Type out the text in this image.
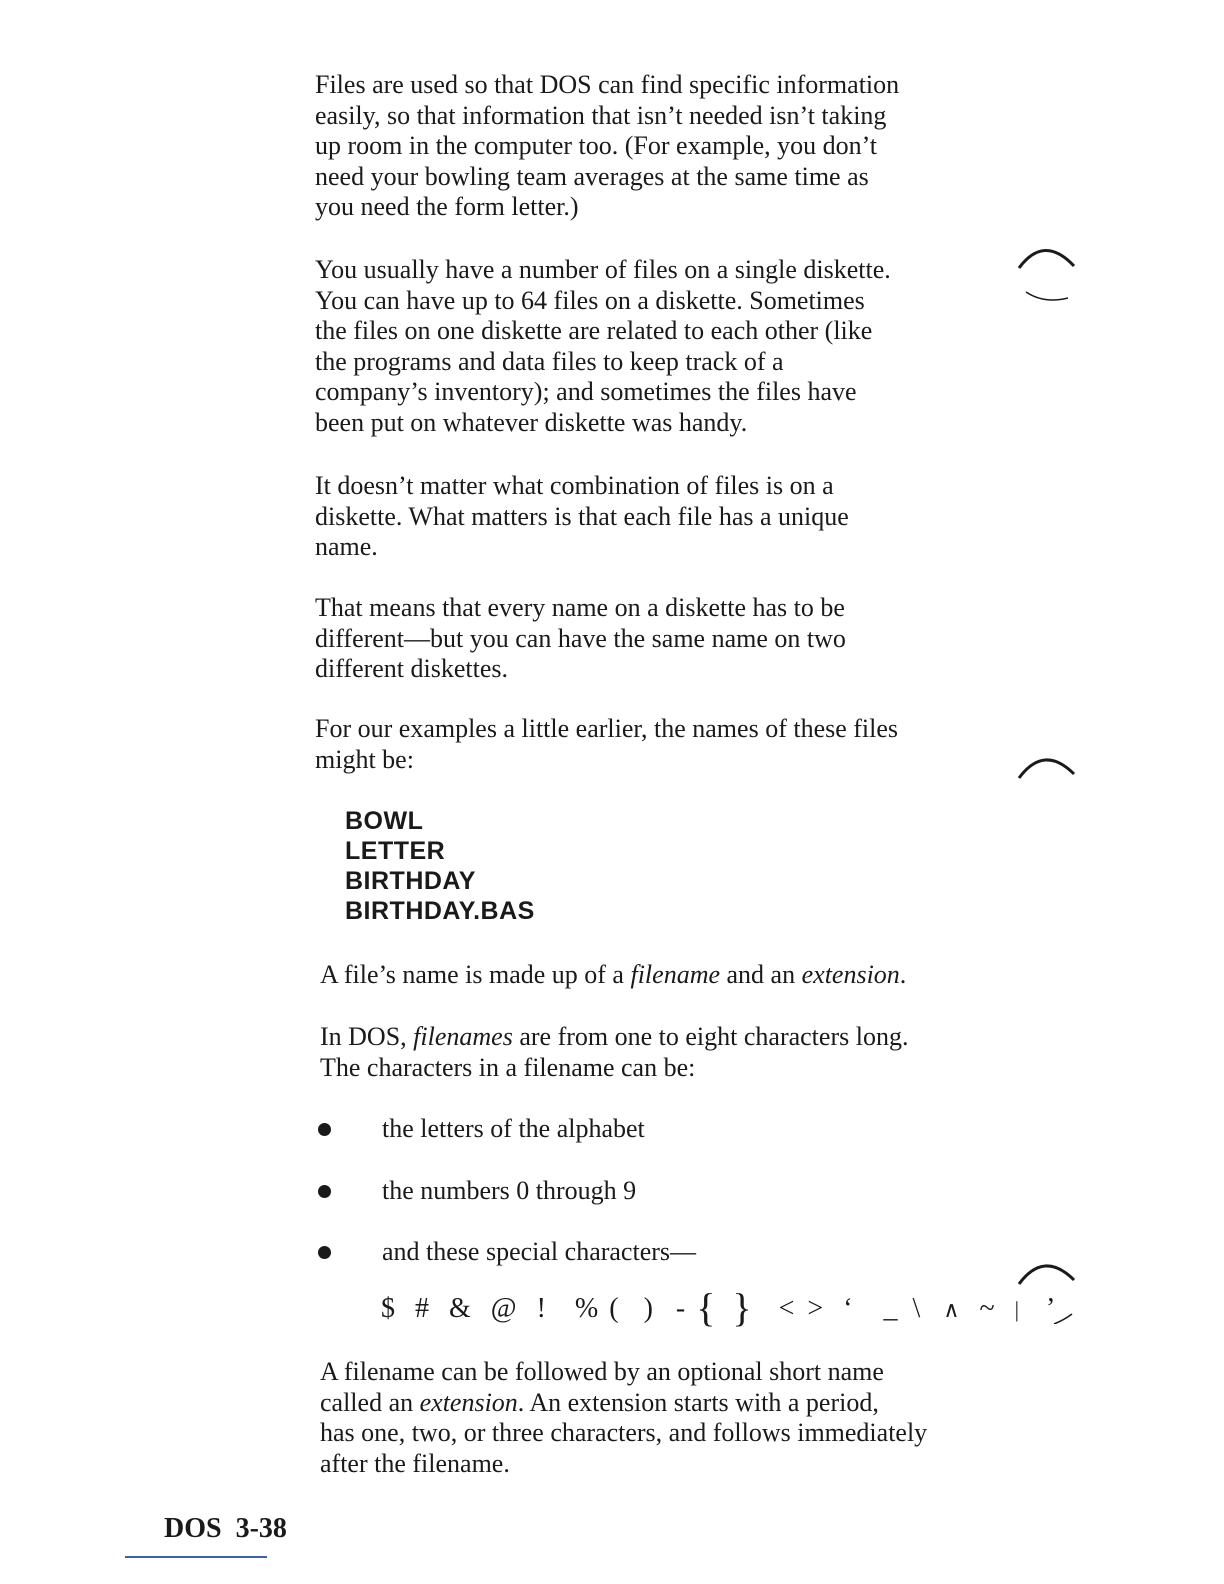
Files are used so that DOS can find specific information
easily, so that information that isn’t needed isn’t taking
up room in the computer too. (For example, you don’t
need your bowling team averages at the same time as
you need the form letter.)

You usually have a number of files on a single diskette.
You can have up to 64 files on a diskette. Sometimes
the files on one diskette are related to each other (like
the programs and data files to keep track of a
company’s inventory); and sometimes the files have
been put on whatever diskette was handy.

It doesn’t matter what combination of files is on a
diskette. What matters is that each file has a unique
name.

That means that every name on a diskette has to be
different—but you can have the same name on two
different diskettes.

For our examples a little earlier, the names of these files
might be:

BOWL
LETTER
BIRTHDAY
BIRTHDAY.BAS

A file’s name is made up of a filename and an extension.

In DOS, filenames are from one to eight characters long.
The characters in a filename can be:

the letters of the alphabet
the numbers 0 through 9
and these special characters—
$ # & @ ! % ( ) - { } < > ‘ _ \ ∧ ~ | ’

A filename can be followed by an optional short name
called an extension. An extension starts with a period,
has one, two, or three characters, and follows immediately
after the filename.

DOS 3-38
